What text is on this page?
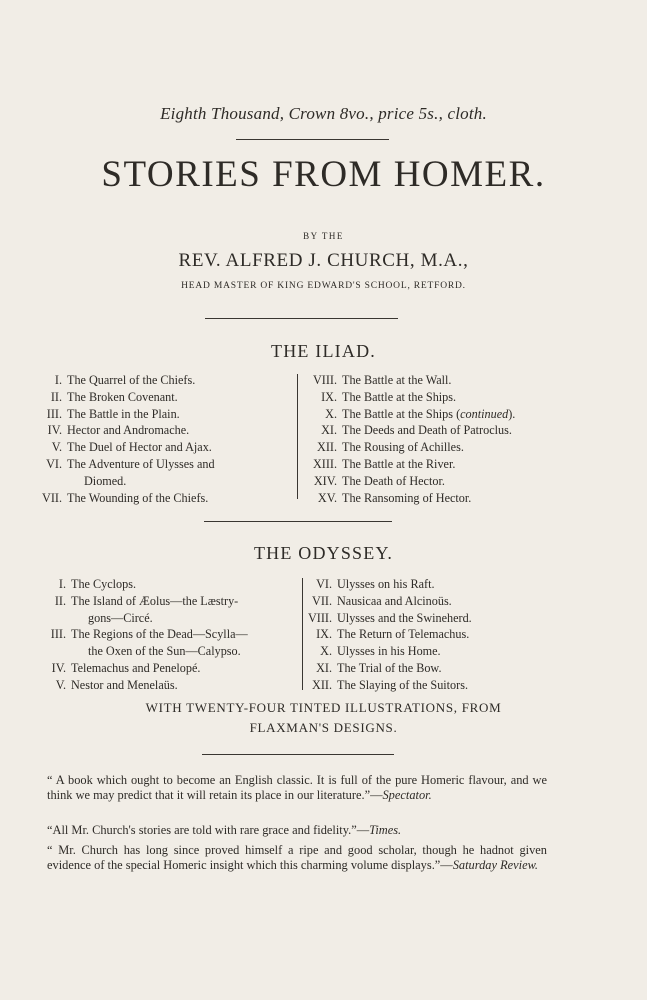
Eighth Thousand, Crown 8vo., price 5s., cloth.
STORIES FROM HOMER.
BY THE
REV. ALFRED J. CHURCH, M.A.,
HEAD MASTER OF KING EDWARD'S SCHOOL, RETFORD.
THE ILIAD.
I. The Quarrel of the Chiefs.
II. The Broken Covenant.
III. The Battle in the Plain.
IV. Hector and Andromache.
V. The Duel of Hector and Ajax.
VI. The Adventure of Ulysses and
Diomed.
VII. The Wounding of the Chiefs.
VIII. The Battle at the Wall.
IX. The Battle at the Ships.
X. The Battle at the Ships (continued).
XI. The Deeds and Death of Patroclus.
XII. The Rousing of Achilles.
XIII. The Battle at the River.
XIV. The Death of Hector.
XV. The Ransoming of Hector.
THE ODYSSEY.
I. The Cyclops.
II. The Island of Æolus—the Læstry-
gons—Circé.
III. The Regions of the Dead—Scylla—
the Oxen of the Sun—Calypso.
IV. Telemachus and Penelopé.
V. Nestor and Menelaüs.
VI. Ulysses on his Raft.
VII. Nausicaa and Alcinoüs.
VIII. Ulysses and the Swineherd.
IX. The Return of Telemachus.
X. Ulysses in his Home.
XI. The Trial of the Bow.
XII. The Slaying of the Suitors.
WITH TWENTY-FOUR TINTED ILLUSTRATIONS, FROM
FLAXMAN'S DESIGNS.
“ A book which ought to become an English classic. It is full of the pure Homeric flavour, and we think we may predict that it will retain its place in our literature.”—Spectator.
“All Mr. Church's stories are told with rare grace and fidelity.”—Times.
“ Mr. Church has long since proved himself a ripe and good scholar, though he hadnot given evidence of the special Homeric insight which this charming volume displays.”—Saturday Review.
